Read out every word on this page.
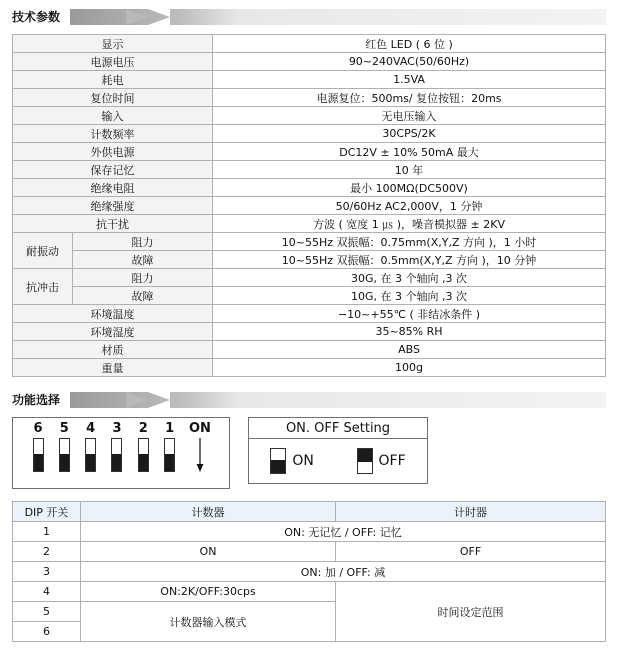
技术参数
显示		红色 LED ( 6 位 )
电源电压		90~240VAC(50/60Hz)
耗电		1.5VA
复位时间		电源复位：500ms/ 复位按钮：20ms
输入		无电压输入
计数频率		30CPS/2K
外供电源		DC12V ± 10% 50mA 最大
保存记忆		10 年
绝缘电阻		最小 100MΩ(DC500V)
绝缘强度		50/60Hz AC2,000V，1 分钟
抗干扰		方波 ( 宽度 1 ㎲ )，噪音模拟器 ± 2KV
耐振动	阻力	10~55Hz 双振幅：0.75mm(X,Y,Z 方向 )，1 小时
	故障	10~55Hz 双振幅：0.5mm(X,Y,Z 方向 )，10 分钟
抗冲击	阻力	30G, 在 3 个轴向 ,3 次
	故障	10G, 在 3 个轴向 ,3 次
环境温度		−10~+55℃ ( 非结冰条件 )
环境湿度		35~85% RH
材质		ABS
重量		100g
功能选择
6	5	4	3	2	1	ON	ON. OFF Setting
ON	OFF
DIP 开关	计数器	计时器
1	ON: 无记忆 / OFF: 记忆	
2	ON	OFF
3	ON: 加 / OFF: 减	
4	ON:2K/OFF:30cps	时间设定范围
5	计数器输入模式	
6		
